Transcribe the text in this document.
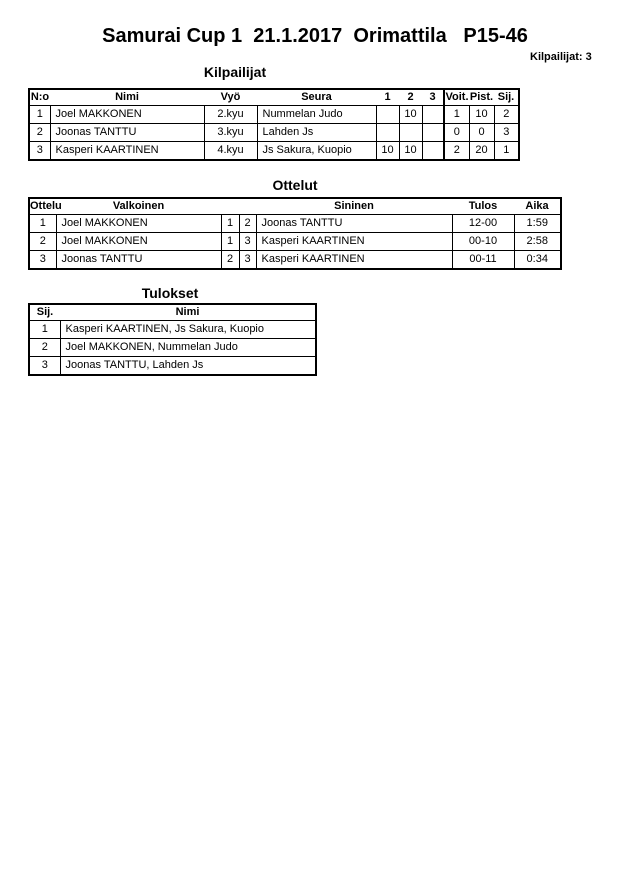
Samurai Cup 1  21.1.2017  Orimattila   P15-46
Kilpailijat: 3
Kilpailijat
N:o	Nimi	Vyö	Seura	1	2	3	Voit.	Pist.	Sij.
1	Joel MAKKONEN	2.kyu	Nummelan Judo		10		1	10	2
2	Joonas TANTTU	3.kyu	Lahden Js				0	0	3
3	Kasperi KAARTINEN	4.kyu	Js Sakura, Kuopio	10	10		2	20	1
Ottelut
Ottelu	Valkoinen			Sininen	Tulos	Aika
1	Joel MAKKONEN	1	2	Joonas TANTTU	12-00	1:59
2	Joel MAKKONEN	1	3	Kasperi KAARTINEN	00-10	2:58
3	Joonas TANTTU	2	3	Kasperi KAARTINEN	00-11	0:34
Tulokset
Sij.	Nimi
1	Kasperi KAARTINEN, Js Sakura, Kuopio
2	Joel MAKKONEN, Nummelan Judo
3	Joonas TANTTU, Lahden Js
